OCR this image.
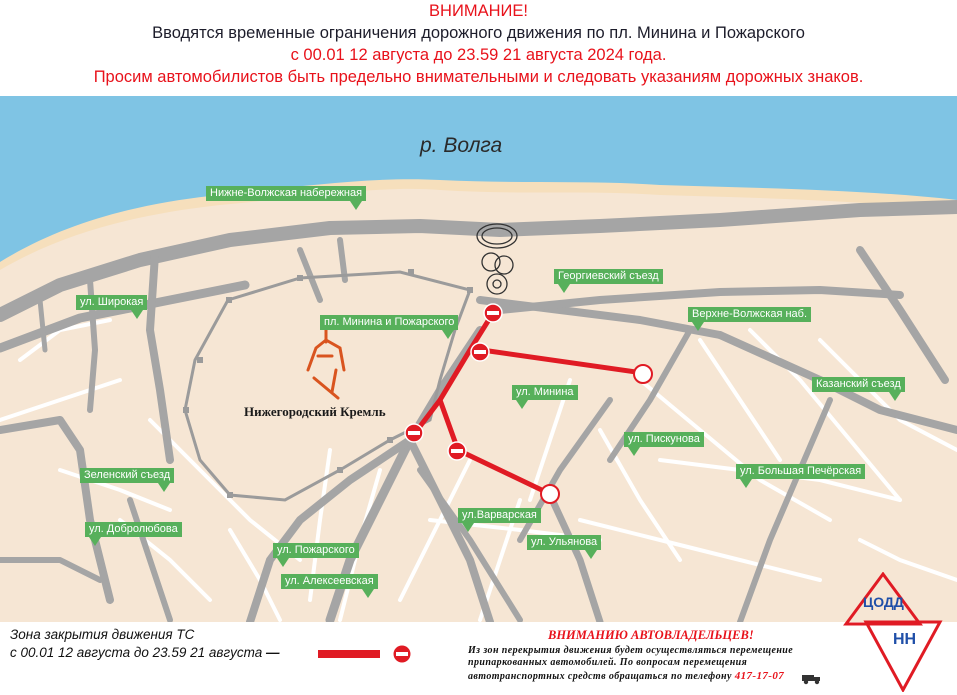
ВНИМАНИЕ!
Вводятся временные ограничения дорожного движения по пл. Минина и Пожарского
с 00.01 12 августа до 23.59 21 августа 2024 года.
Просим автомобилистов быть предельно внимательными и следовать указаниям дорожных знаков.
р. Волга
Нижегородский Кремль
Нижне-Волжская набережная
Георгиевский съезд
ул. Широкая
пл. Минина и Пожарского
Верхне-Волжская наб.
ул. Минина
Казанский съезд
ул. Пискунова
Зеленский съезд	ул. Большая Печёрская
ул. Добролюбова
ул.Варварская
ул. Ульянова
ул. Пожарского
ул. Алексеевская
Зона закрытия движения ТС
с 00.01 12 августа до 23.59 21 августа —
ВНИМАНИЮ АВТОВЛАДЕЛЬЦЕВ!
Из зон перекрытия движения будет осуществляться перемещение
припаркованных автомобилей. По вопросам перемещения
автотранспортных средств обращаться по телефону 417-17-07
ЦОДД
НН
